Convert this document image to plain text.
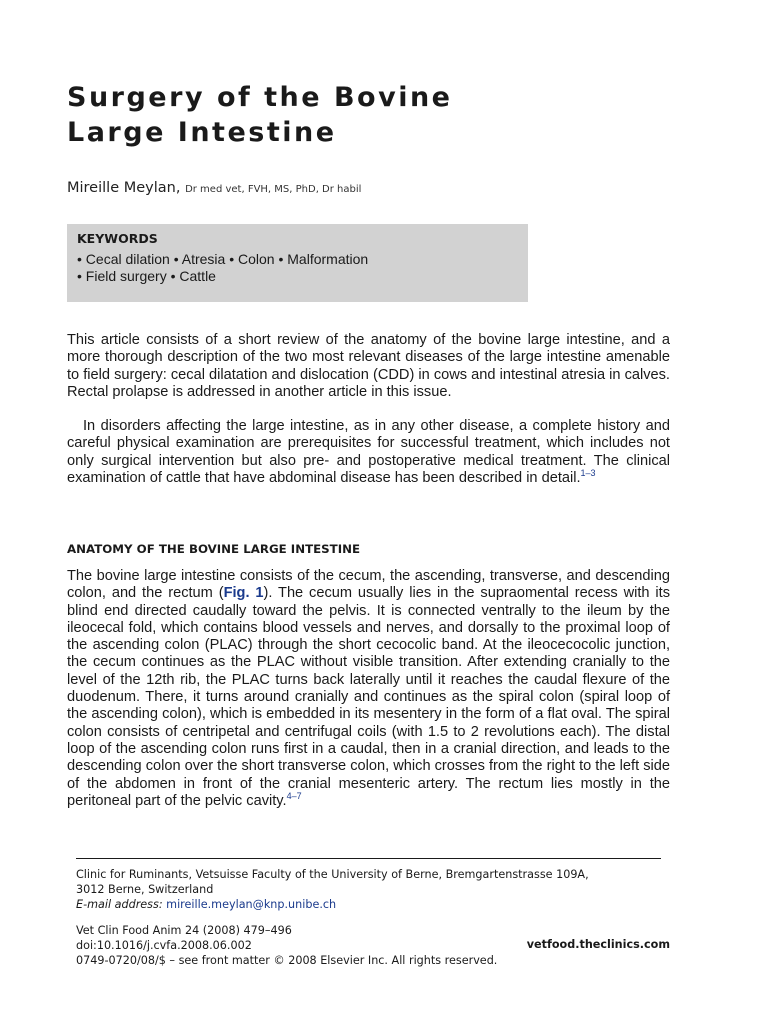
Surgery of the Bovine
Large Intestine
Mireille Meylan, Dr med vet, FVH, MS, PhD, Dr habil
KEYWORDS
• Cecal dilation • Atresia • Colon • Malformation
• Field surgery • Cattle

This article consists of a short review of the anatomy of the bovine large intestine, and a more thorough description of the two most relevant diseases of the large intestine amenable to field surgery: cecal dilatation and dislocation (CDD) in cows and intestinal atresia in calves. Rectal prolapse is addressed in another article in this issue.

In disorders affecting the large intestine, as in any other disease, a complete history and careful physical examination are prerequisites for successful treatment, which includes not only surgical intervention but also pre- and postoperative medical treatment. The clinical examination of cattle that have abdominal disease has been described in detail.$^{1-3}$

ANATOMY OF THE BOVINE LARGE INTESTINE

The bovine large intestine consists of the cecum, the ascending, transverse, and descending colon, and the rectum (Fig. 1). The cecum usually lies in the supraomental recess with its blind end directed caudally toward the pelvis. It is connected ventrally to the ileum by the ileocecal fold, which contains blood vessels and nerves, and dorsally to the proximal loop of the ascending colon (PLAC) through the short cecocolic band. At the ileocecocolic junction, the cecum continues as the PLAC without visible transition. After extending cranially to the level of the 12th rib, the PLAC turns back laterally until it reaches the caudal flexure of the duodenum. There, it turns around cranially and continues as the spiral colon (spiral loop of the ascending colon), which is embedded in its mesentery in the form of a flat oval. The spiral colon consists of centripetal and centrifugal coils (with 1.5 to 2 revolutions each). The distal loop of the ascending colon runs first in a caudal, then in a cranial direction, and leads to the descending colon over the short transverse colon, which crosses from the right to the left side of the abdomen in front of the cranial mesenteric artery. The rectum lies mostly in the peritoneal part of the pelvic cavity.$^{4-7}$

Clinic for Ruminants, Vetsuisse Faculty of the University of Berne, Bremgartenstrasse 109A,
3012 Berne, Switzerland
E-mail address: mireille.meylan@knp.unibe.ch
Vet Clin Food Anim 24 (2008) 479–496
doi:10.1016/j.cvfa.2008.06.002
0749-0720/08/$ – see front matter © 2008 Elsevier Inc. All rights reserved.
vetfood.theclinics.com
